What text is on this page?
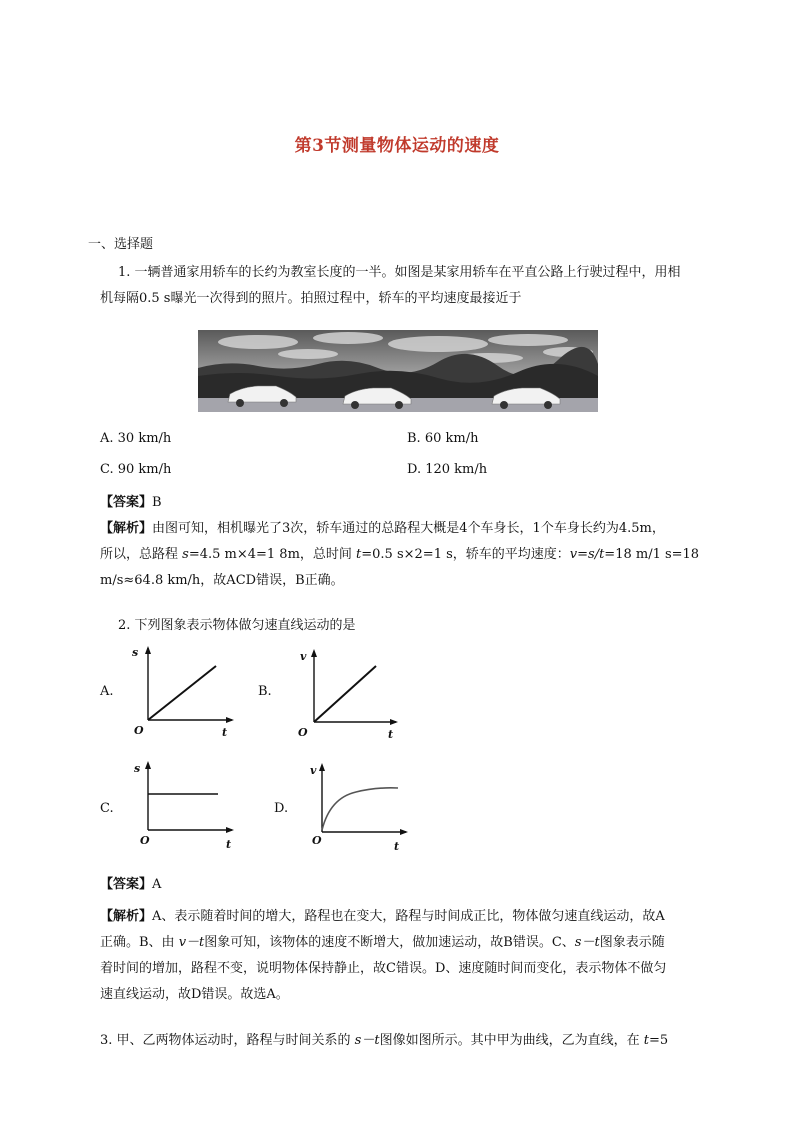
第3节测量物体运动的速度
一、选择题
1. 一辆普通家用轿车的长约为教室长度的一半。如图是某家用轿车在平直公路上行驶过程中，用相
机每隔0.5 s曝光一次得到的照片。拍照过程中，轿车的平均速度最接近于
A. 30 km/h	B. 60 km/h
C. 90 km/h	D. 120 km/h
【答案】B
【解析】由图可知，相机曝光了3次，轿车通过的总路程大概是4个车身长，1个车身长约为4.5m，
所以，总路程 s=4.5 m×4=1 8m，总时间 t=0.5 s×2=1 s，轿车的平均速度：v=s/t=18 m/1 s=18
m/s≈64.8 km/h，故ACD错误，B正确。
2. 下列图象表示物体做匀速直线运动的是
A.
s
O	t
B.
v
O	t
C.
s
O	t
D.
v
O	t
【答案】A
【解析】A、表示随着时间的增大，路程也在变大，路程与时间成正比，物体做匀速直线运动，故A
正确。B、由 v－t图象可知，该物体的速度不断增大，做加速运动，故B错误。C、s－t图象表示随
着时间的增加，路程不变，说明物体保持静止，故C错误。D、速度随时间而变化，表示物体不做匀
速直线运动，故D错误。故选A。
3. 甲、乙两物体运动时，路程与时间关系的 s－t图像如图所示。其中甲为曲线，乙为直线，在 t=5
